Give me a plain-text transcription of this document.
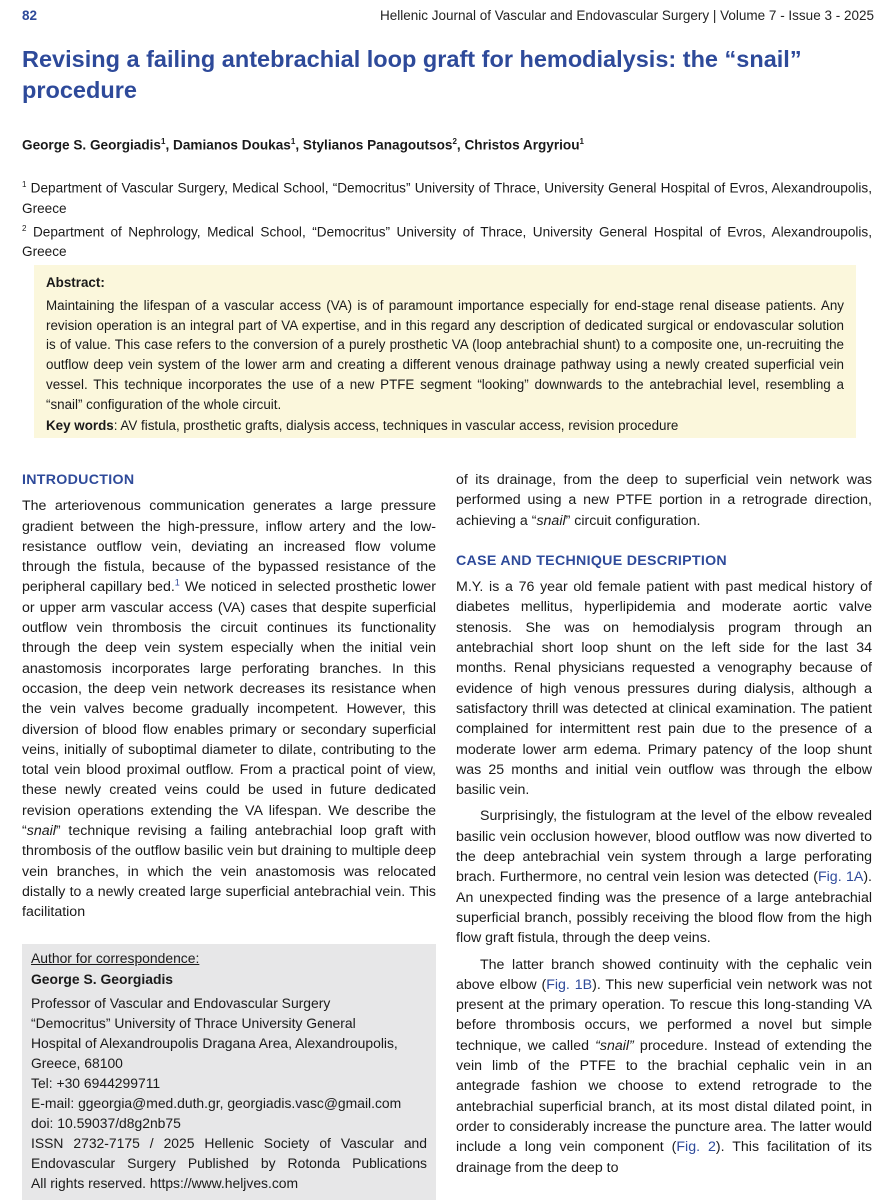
82	Hellenic Journal of Vascular and Endovascular Surgery | Volume 7 - Issue 3 - 2025
Revising a failing antebrachial loop graft for hemodialysis: the “snail” procedure
George S. Georgiadis$^1$, Damianos Doukas$^1$, Stylianos Panagoutsos$^2$, Christos Argyriou$^1$
$^1$ Department of Vascular Surgery, Medical School, “Democritus” University of Thrace, University General Hospital of Evros, Alexandroupolis, Greece
$^2$ Department of Nephrology, Medical School, “Democritus” University of Thrace, University General Hospital of Evros, Alexandroupolis, Greece
Abstract:
Maintaining the lifespan of a vascular access (VA) is of paramount importance especially for end-stage renal disease patients. Any revision operation is an integral part of VA expertise, and in this regard any description of dedicated surgical or endovascular solution is of value. This case refers to the conversion of a purely prosthetic VA (loop antebrachial shunt) to a composite one, un-recruiting the outflow deep vein system of the lower arm and creating a different venous drainage pathway using a newly created superficial vein vessel. This technique incorporates the use of a new PTFE segment “looking” downwards to the antebrachial level, resembling a “snail” configuration of the whole circuit.
Key words: AV fistula, prosthetic grafts, dialysis access, techniques in vascular access, revision procedure
INTRODUCTION

The arteriovenous communication generates a large pressure gradient between the high-pressure, inflow artery and the low-resistance outflow vein, deviating an increased flow volume through the fistula, because of the bypassed resistance of the peripheral capillary bed.$^1$ We noticed in selected prosthetic lower or upper arm vascular access (VA) cases that despite superficial outflow vein thrombosis the circuit continues its functionality through the deep vein system especially when the initial vein anastomosis incorporates large perforating branches. In this occasion, the deep vein network decreases its resistance when the vein valves become gradually incompetent. However, this diversion of blood flow enables primary or secondary superficial veins, initially of suboptimal diameter to dilate, contributing to the total vein blood proximal outflow. From a practical point of view, these newly created veins could be used in future dedicated revision operations extending the VA lifespan. We describe the “snail” technique revising a failing antebrachial loop graft with thrombosis of the outflow basilic vein but draining to multiple deep vein branches, in which the vein anastomosis was relocated distally to a newly created large superficial antebrachial vein. This facilitation

Author for correspondence:
George S. Georgiadis
Professor of Vascular and Endovascular Surgery
“Democritus” University of Thrace University General
Hospital of Alexandroupolis Dragana Area, Alexandroupolis,
Greece, 68100
Tel: +30 6944299711
E-mail: ggeorgia@med.duth.gr, georgiadis.vasc@gmail.com
doi: 10.59037/d8g2nb75
ISSN 2732-7175 / 2025 Hellenic Society of Vascular and
Endovascular Surgery Published by Rotonda Publications
All rights reserved. https://www.heljves.com

of its drainage, from the deep to superficial vein network was performed using a new PTFE portion in a retrograde direction, achieving a “snail” circuit configuration.

CASE AND TECHNIQUE DESCRIPTION

M.Y. is a 76 year old female patient with past medical history of diabetes mellitus, hyperlipidemia and moderate aortic valve stenosis. She was on hemodialysis program through an antebrachial short loop shunt on the left side for the last 34 months. Renal physicians requested a venography because of evidence of high venous pressures during dialysis, although a satisfactory thrill was detected at clinical examination. The patient complained for intermittent rest pain due to the presence of a moderate lower arm edema. Primary patency of the loop shunt was 25 months and initial vein outflow was through the elbow basilic vein.

Surprisingly, the fistulogram at the level of the elbow revealed basilic vein occlusion however, blood outflow was now diverted to the deep antebrachial vein system through a large perforating brach. Furthermore, no central vein lesion was detected (Fig. 1A). An unexpected finding was the presence of a large antebrachial superficial branch, possibly receiving the blood flow from the high flow graft fistula, through the deep veins.

The latter branch showed continuity with the cephalic vein above elbow (Fig. 1B). This new superficial vein network was not present at the primary operation. To rescue this long-standing VA before thrombosis occurs, we performed a novel but simple technique, we called “snail” procedure. Instead of extending the vein limb of the PTFE to the brachial cephalic vein in an antegrade fashion we choose to extend retrograde to the antebrachial superficial branch, at its most distal dilated point, in order to considerably increase the puncture area. The latter would include a long vein component (Fig. 2). This facilitation of its drainage from the deep to
